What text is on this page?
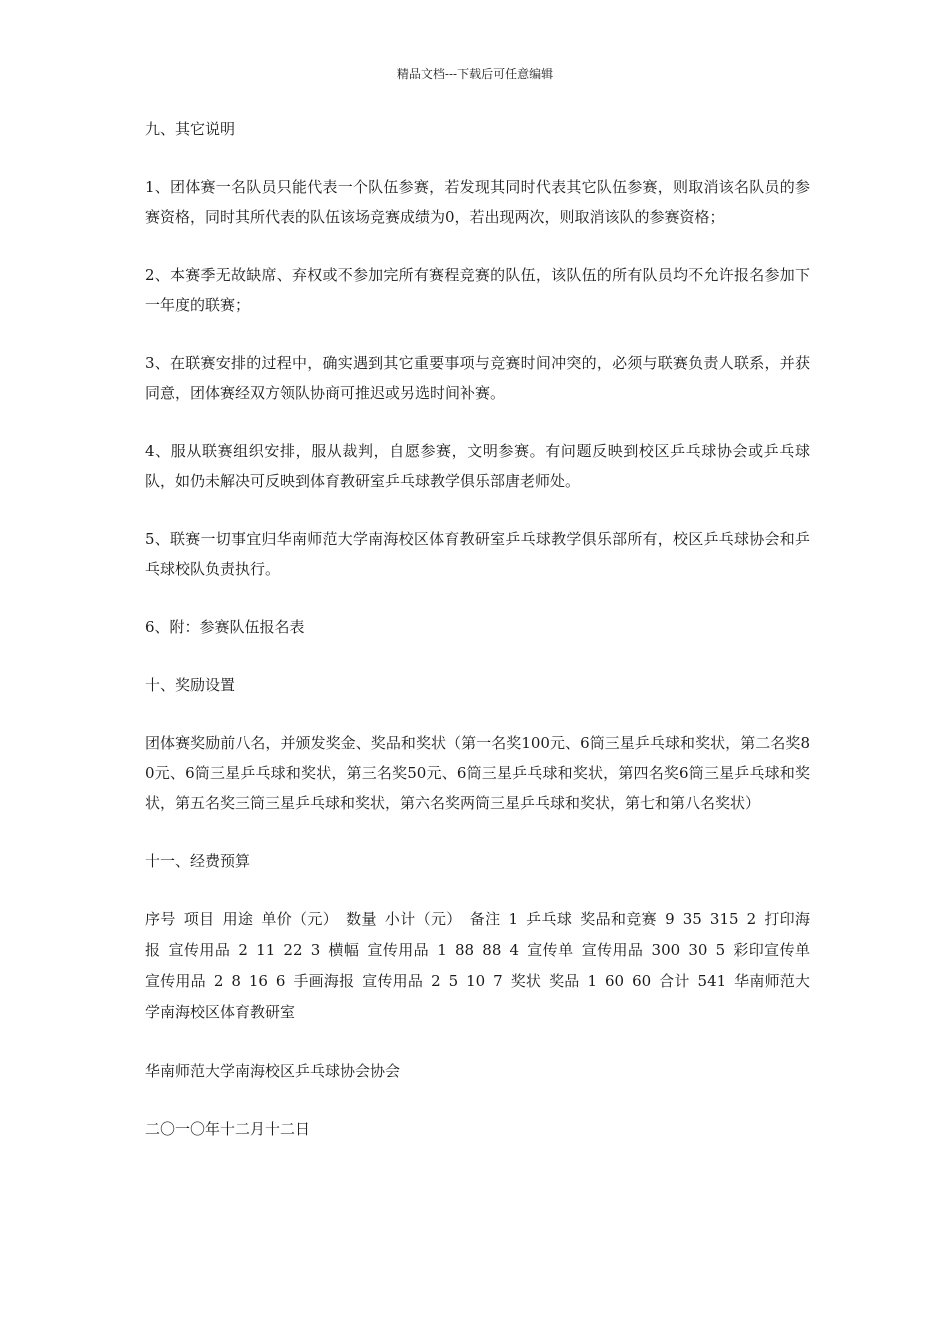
精品文档---下载后可任意编辑

九、其它说明

1、团体赛一名队员只能代表一个队伍参赛，若发现其同时代表其它队伍参赛，则取消该名队员的参赛资格，同时其所代表的队伍该场竞赛成绩为0，若出现两次，则取消该队的参赛资格；

2、本赛季无故缺席、弃权或不参加完所有赛程竞赛的队伍，该队伍的所有队员均不允许报名参加下一年度的联赛；

3、在联赛安排的过程中，确实遇到其它重要事项与竞赛时间冲突的，必须与联赛负责人联系，并获同意，团体赛经双方领队协商可推迟或另选时间补赛。

4、服从联赛组织安排，服从裁判，自愿参赛，文明参赛。有问题反映到校区乒乓球协会或乒乓球队，如仍未解决可反映到体育教研室乒乓球教学俱乐部唐老师处。

5、联赛一切事宜归华南师范大学南海校区体育教研室乒乓球教学俱乐部所有，校区乒乓球协会和乒乓球校队负责执行。

6、附：参赛队伍报名表

十、奖励设置

团体赛奖励前八名，并颁发奖金、奖品和奖状（第一名奖100元、6筒三星乒乓球和奖状，第二名奖80元、6筒三星乒乓球和奖状，第三名奖50元、6筒三星乒乓球和奖状，第四名奖6筒三星乒乓球和奖状，第五名奖三筒三星乒乓球和奖状，第六名奖两筒三星乒乓球和奖状，第七和第八名奖状）

十一、经费预算

序号 项目 用途 单价（元） 数量 小计（元） 备注 1 乒乓球 奖品和竞赛 9 35 315 2 打印海报 宣传用品 2 11 22 3 横幅 宣传用品 1 88 88 4 宣传单 宣传用品 300 30 5 彩印宣传单 宣传用品 2 8 16 6 手画海报 宣传用品 2 5 10 7 奖状 奖品 1 60 60 合计 541 华南师范大学南海校区体育教研室

华南师范大学南海校区乒乓球协会协会

二〇一〇年十二月十二日
